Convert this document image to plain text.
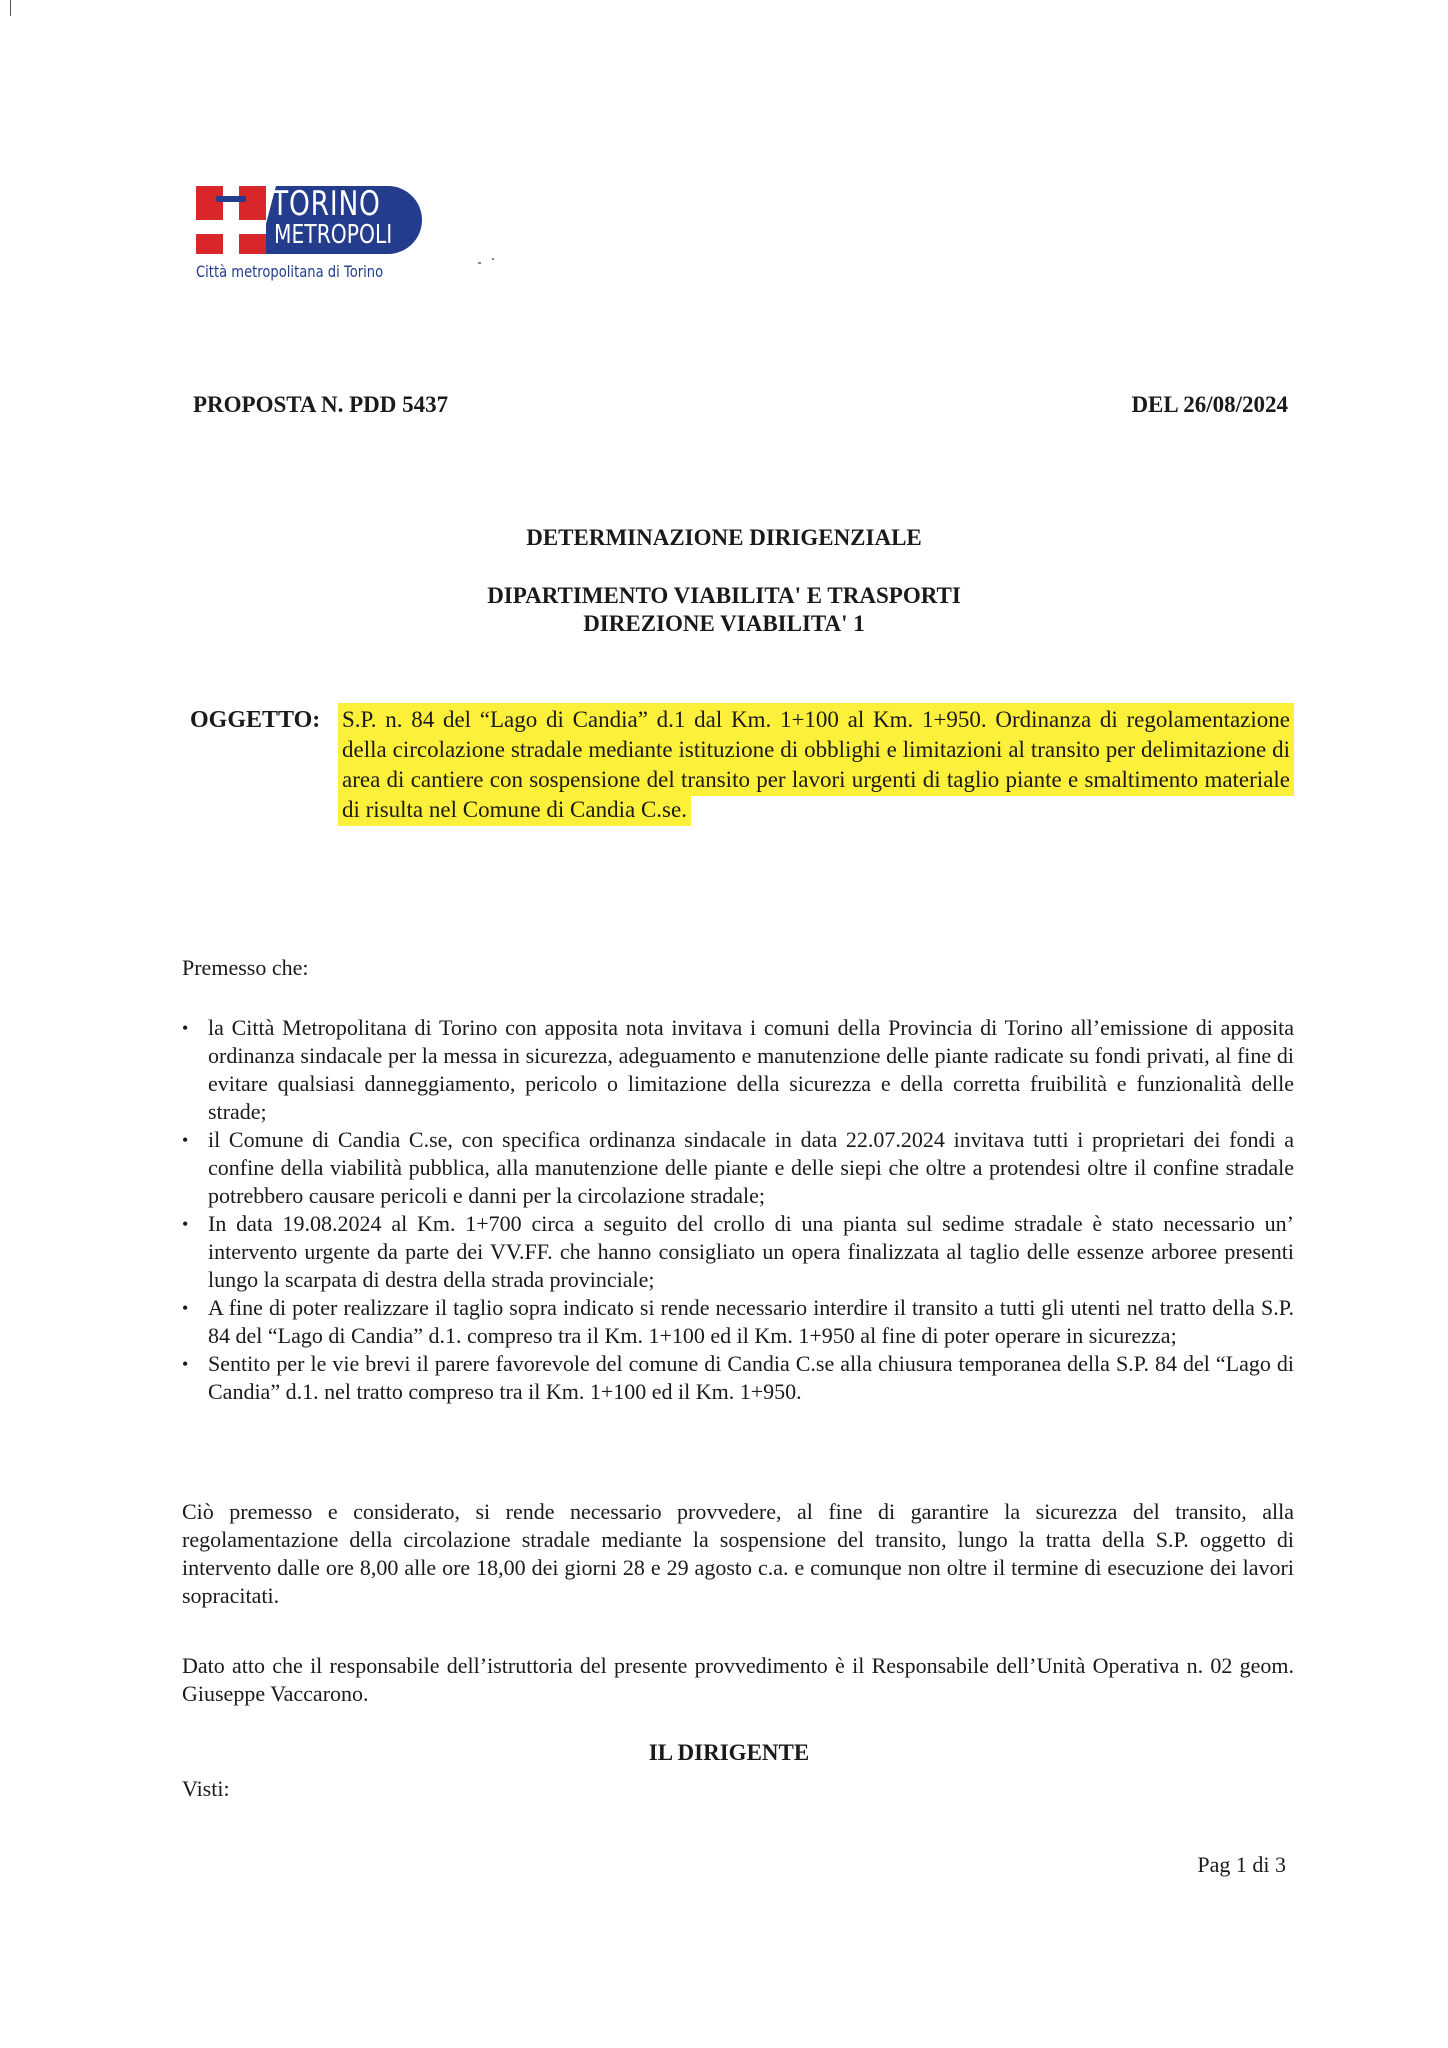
TORINO
METROPOLI
Città metropolitana di Torino
PROPOSTA N. PDD 5437	DEL 26/08/2024
DETERMINAZIONE DIRIGENZIALE
DIPARTIMENTO VIABILITA' E TRASPORTI
DIREZIONE VIABILITA' 1
OGGETTO: S.P. n. 84 del “Lago di Candia” d.1 dal Km. 1+100 al Km. 1+950. Ordinanza di regolamentazione della circolazione stradale mediante istituzione di obblighi e limitazioni al transito per delimitazione di area di cantiere con sospensione del transito per lavori urgenti di taglio piante e smaltimento materiale di risulta nel Comune di Candia C.se.
Premesso che:
• la Città Metropolitana di Torino con apposita nota invitava i comuni della Provincia di Torino all’emissione di apposita ordinanza sindacale per la messa in sicurezza, adeguamento e manutenzione delle piante radicate su fondi privati, al fine di evitare qualsiasi danneggiamento, pericolo o limitazione della sicurezza e della corretta fruibilità e funzionalità delle strade;
• il Comune di Candia C.se, con specifica ordinanza sindacale in data 22.07.2024 invitava tutti i proprietari dei fondi a confine della viabilità pubblica, alla manutenzione delle piante e delle siepi che oltre a protendesi oltre il confine stradale potrebbero causare pericoli e danni per la circolazione stradale;
• In data 19.08.2024 al Km. 1+700 circa a seguito del crollo di una pianta sul sedime stradale è stato necessario un’ intervento urgente da parte dei VV.FF. che hanno consigliato un opera finalizzata al taglio delle essenze arboree presenti lungo la scarpata di destra della strada provinciale;
• A fine di poter realizzare il taglio sopra indicato si rende necessario interdire il transito a tutti gli utenti nel tratto della S.P. 84 del “Lago di Candia” d.1. compreso tra il Km. 1+100 ed il Km. 1+950 al fine di poter operare in sicurezza;
• Sentito per le vie brevi il parere favorevole del comune di Candia C.se alla chiusura temporanea della S.P. 84 del “Lago di Candia” d.1. nel tratto compreso tra il Km. 1+100 ed il Km. 1+950.
Ciò premesso e considerato, si rende necessario provvedere, al fine di garantire la sicurezza del transito, alla regolamentazione della circolazione stradale mediante la sospensione del transito, lungo la tratta della S.P. oggetto di intervento dalle ore 8,00 alle ore 18,00 dei giorni 28 e 29 agosto c.a. e comunque non oltre il termine di esecuzione dei lavori sopracitati.
Dato atto che il responsabile dell’istruttoria del presente provvedimento è il Responsabile dell’Unità Operativa n. 02 geom. Giuseppe Vaccarono.
IL DIRIGENTE
Visti:
Pag 1 di 3
